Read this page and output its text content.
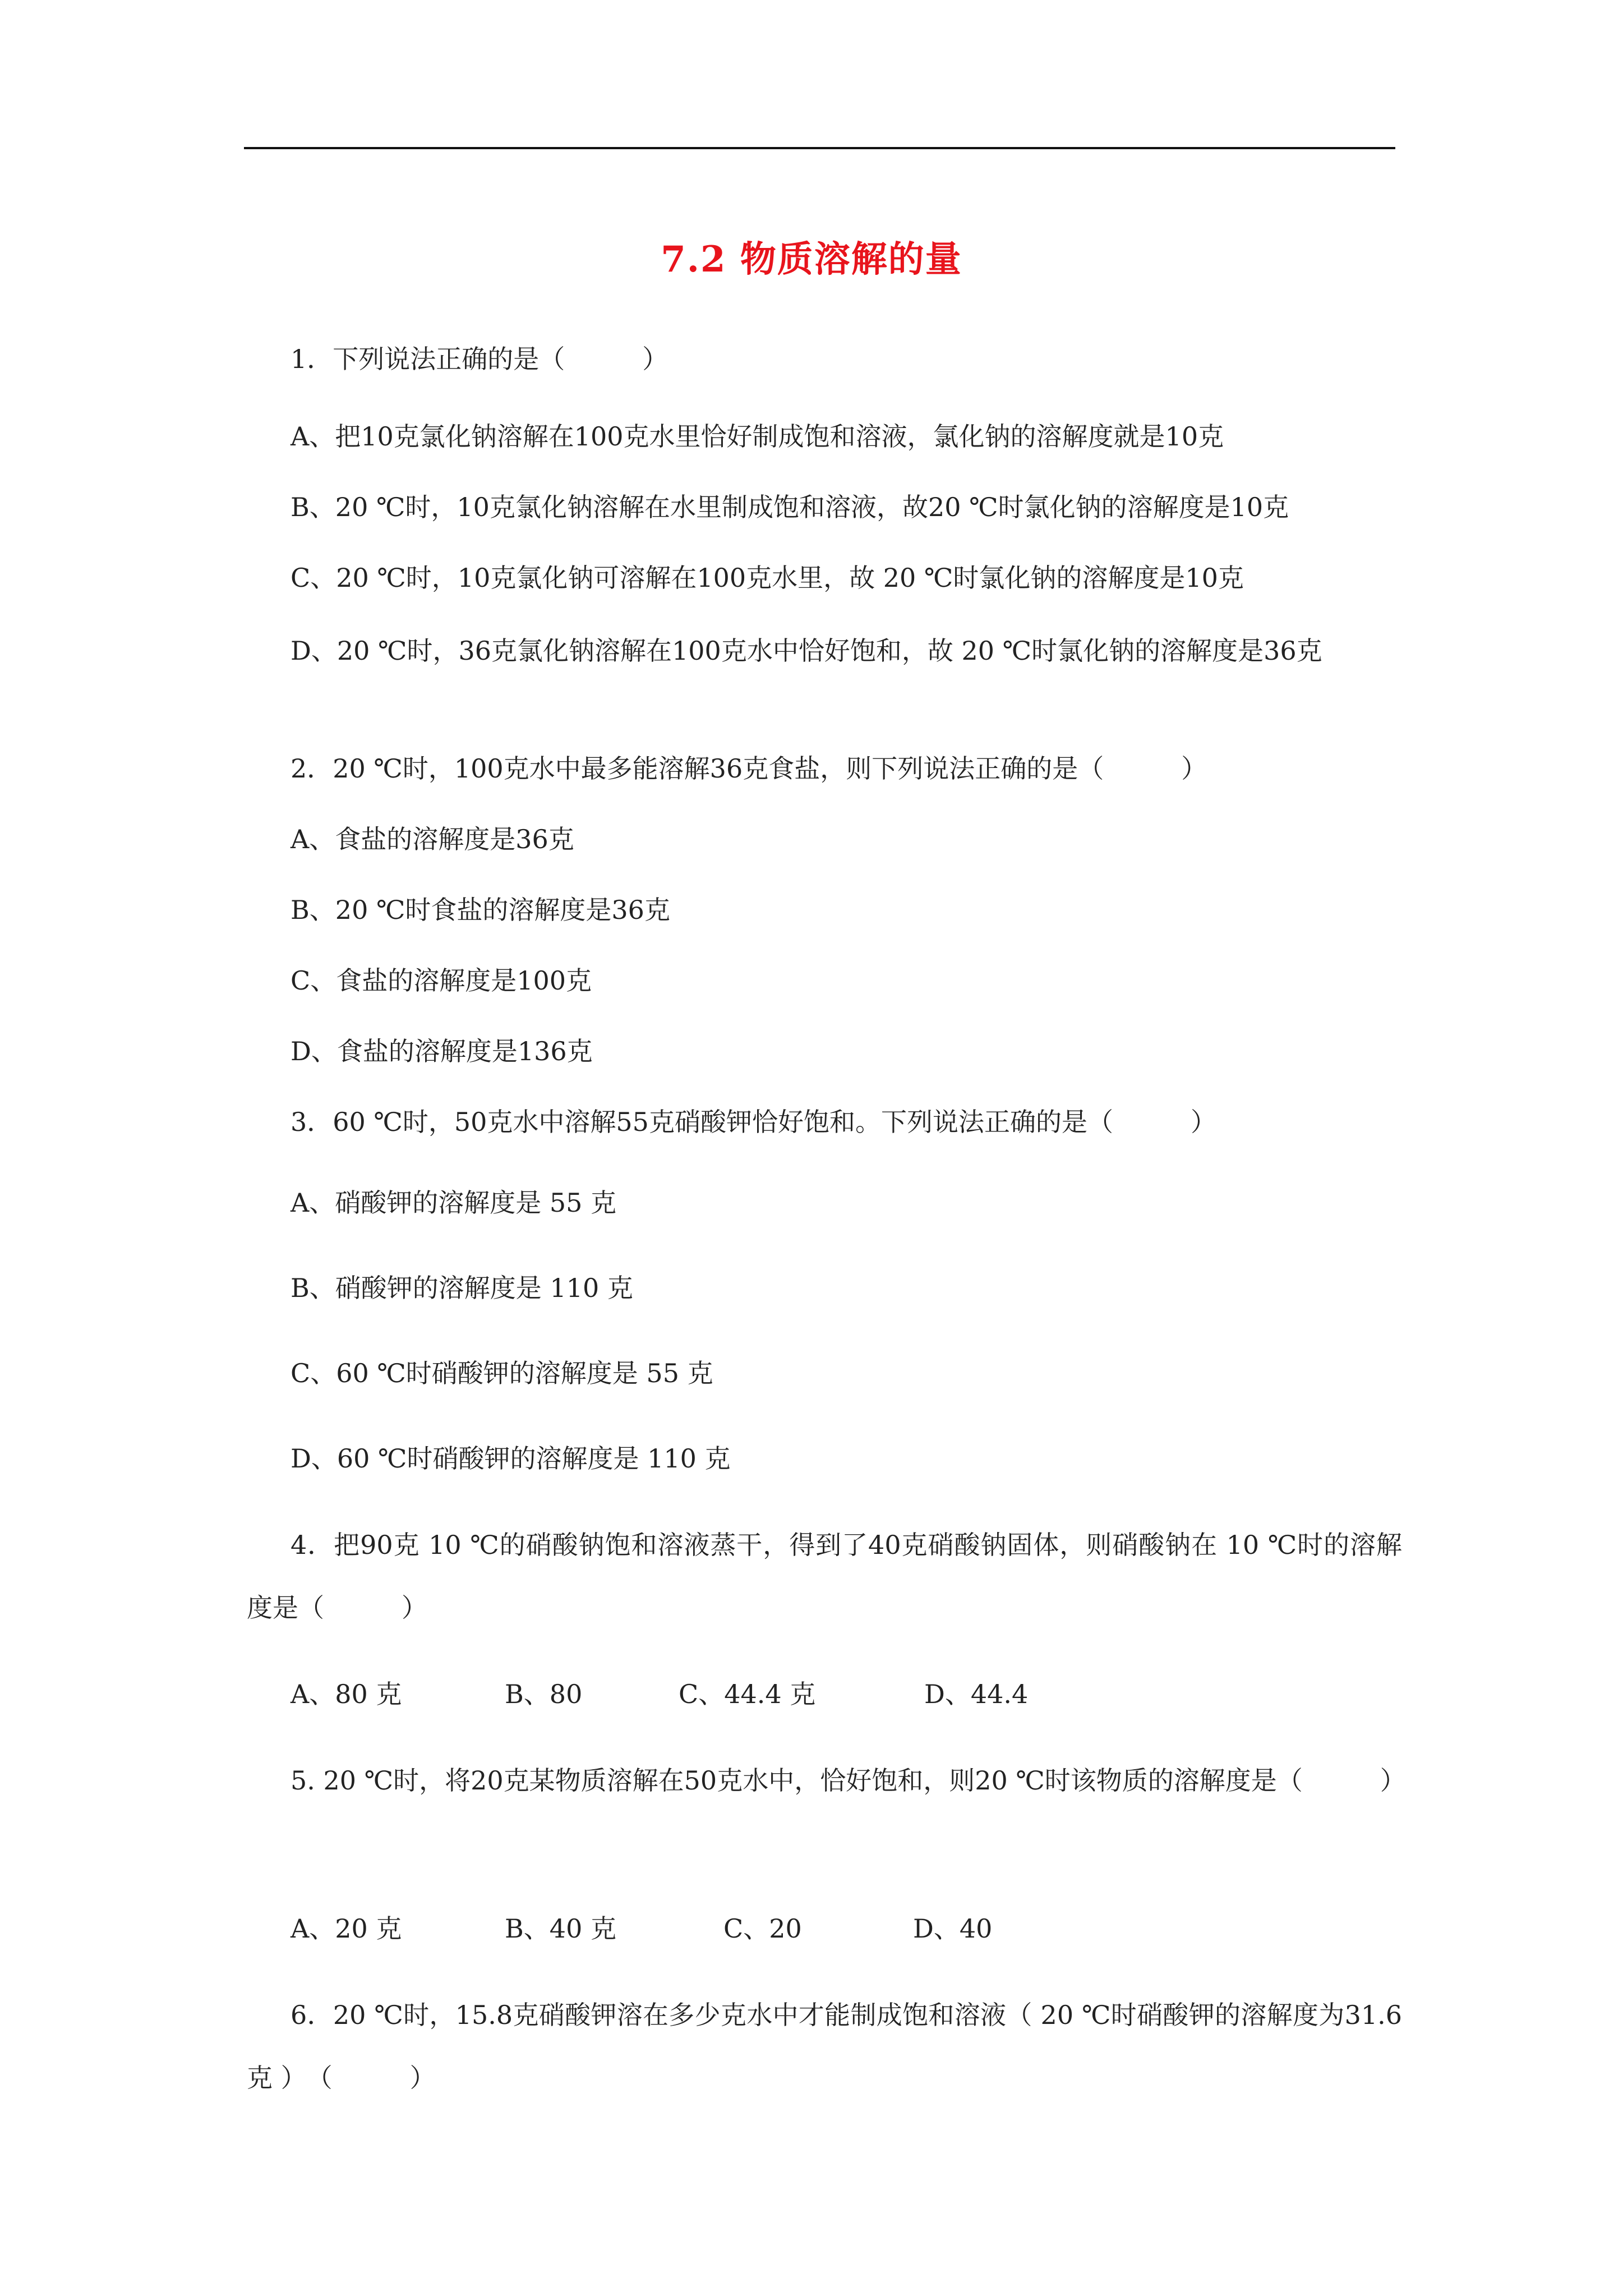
7.2 物质溶解的量
1．下列说法正确的是（　　　）
A、把10克氯化钠溶解在100克水里恰好制成饱和溶液，氯化钠的溶解度就是10克
B、20 ℃时，10克氯化钠溶解在水里制成饱和溶液，故20 ℃时氯化钠的溶解度是10克
C、20 ℃时，10克氯化钠可溶解在100克水里，故 20 ℃时氯化钠的溶解度是10克
D、20 ℃时，36克氯化钠溶解在100克水中恰好饱和，故 20 ℃时氯化钠的溶解度是36克
2．20 ℃时，100克水中最多能溶解36克食盐，则下列说法正确的是（　　　）
A、食盐的溶解度是36克
B、20 ℃时食盐的溶解度是36克
C、食盐的溶解度是100克
D、食盐的溶解度是136克
3．60 ℃时，50克水中溶解55克硝酸钾恰好饱和。下列说法正确的是（　　　）
A、硝酸钾的溶解度是 55 克
B、硝酸钾的溶解度是 110 克
C、60 ℃时硝酸钾的溶解度是 55 克
D、60 ℃时硝酸钾的溶解度是 110 克
4．把90克 10 ℃的硝酸钠饱和溶液蒸干，得到了40克硝酸钠固体，则硝酸钠在 10 ℃时的溶解度是（　　　）
A、80 克	B、80	C、44.4 克	D、44.4
5. 20 ℃时，将20克某物质溶解在50克水中，恰好饱和，则20 ℃时该物质的溶解度是（　　　）
A、20 克	B、40 克	C、20	D、40
6．20 ℃时，15.8克硝酸钾溶在多少克水中才能制成饱和溶液（ 20 ℃时硝酸钾的溶解度为31.6克 ）　（　　　）
